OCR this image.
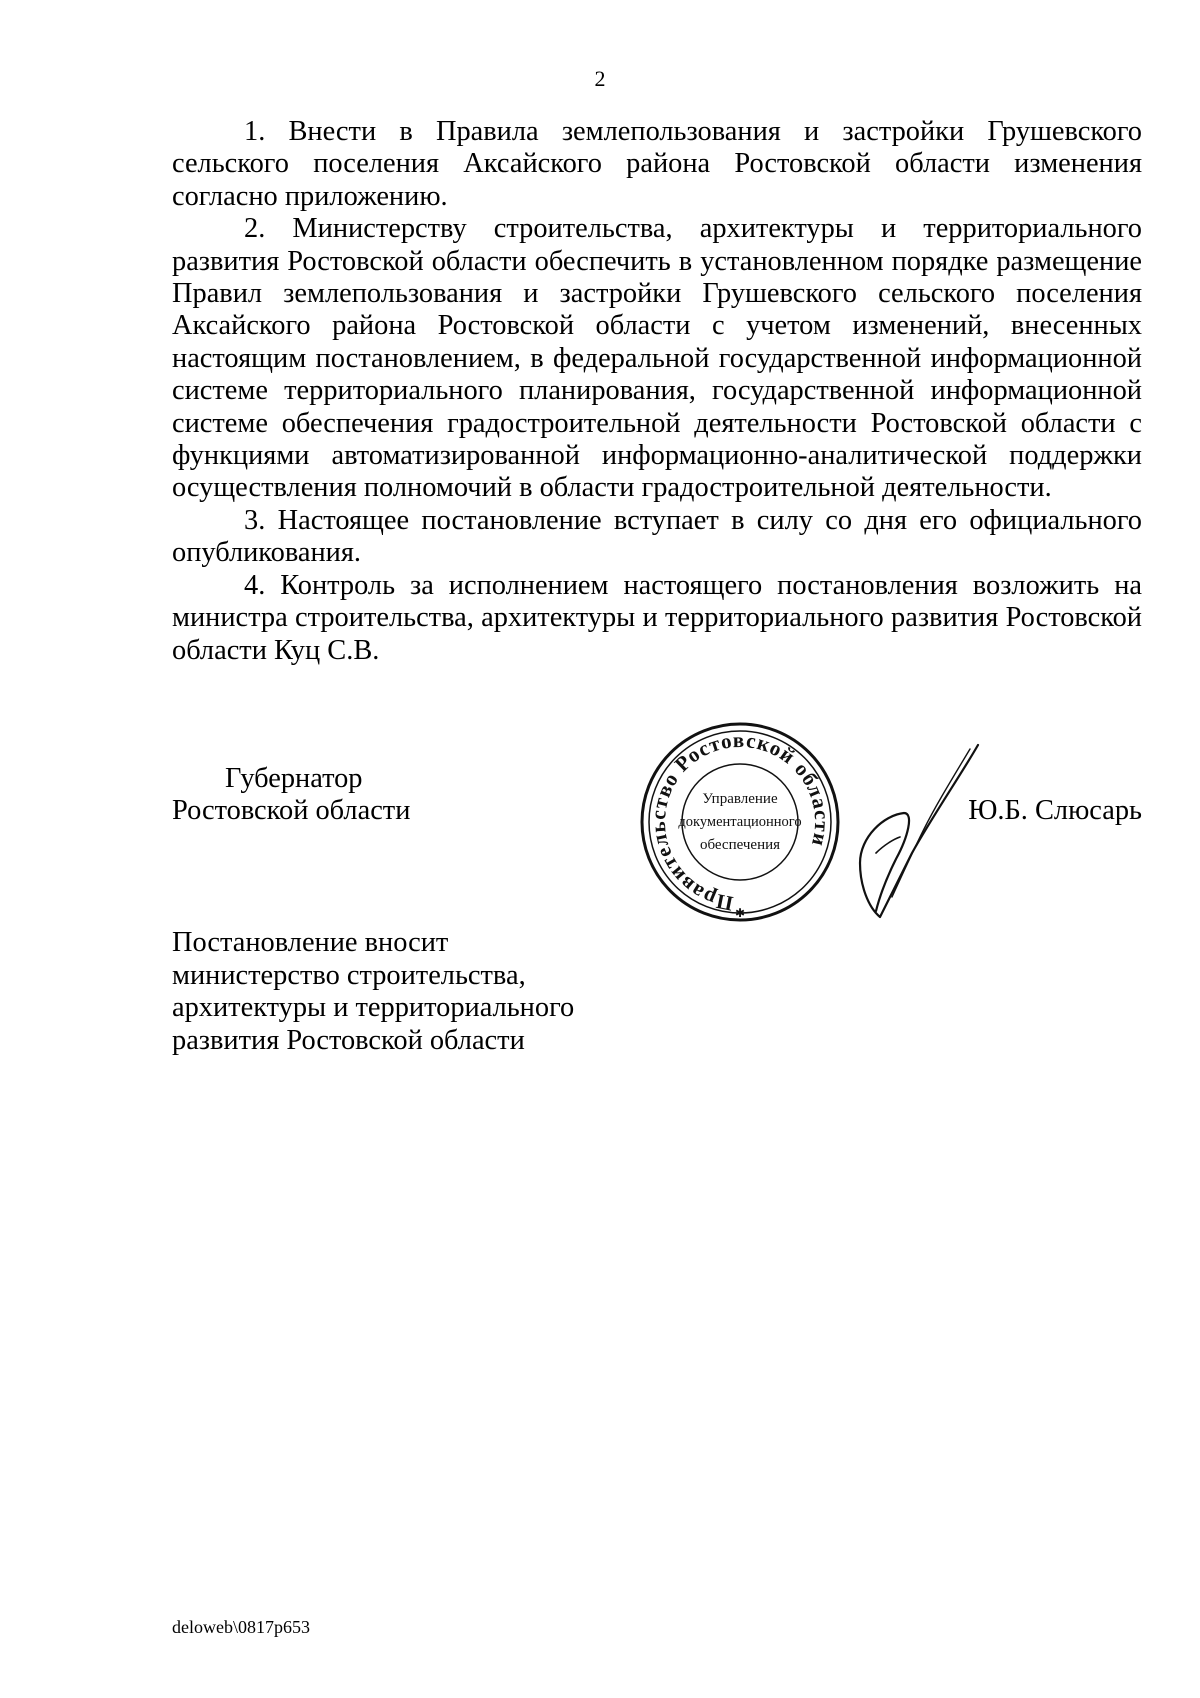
2

1. Внести в Правила землепользования и застройки Грушевского сельского поселения Аксайского района Ростовской области изменения согласно приложению.

2. Министерству строительства, архитектуры и территориального развития Ростовской области обеспечить в установленном порядке размещение Правил землепользования и застройки Грушевского сельского поселения Аксайского района Ростовской области с учетом изменений, внесенных настоящим постановлением, в федеральной государственной информационной системе территориального планирования, государственной информационной системе обеспечения градостроительной деятельности Ростовской области с функциями автоматизированной информационно-аналитической поддержки осуществления полномочий в области градостроительной деятельности.

3. Настоящее постановление вступает в силу со дня его официального опубликования.

4. Контроль за исполнением настоящего постановления возложить на министра строительства, архитектуры и территориального развития Ростовской области Куц С.В.

Губернатор
Ростовской области
Правительство Ростовской области
Управление
документационного
обеспечения
✱
Ю.Б. Слюсарь
Постановление вносит
министерство строительства,
архитектуры и территориального
развития Ростовской области
deloweb\0817p653
